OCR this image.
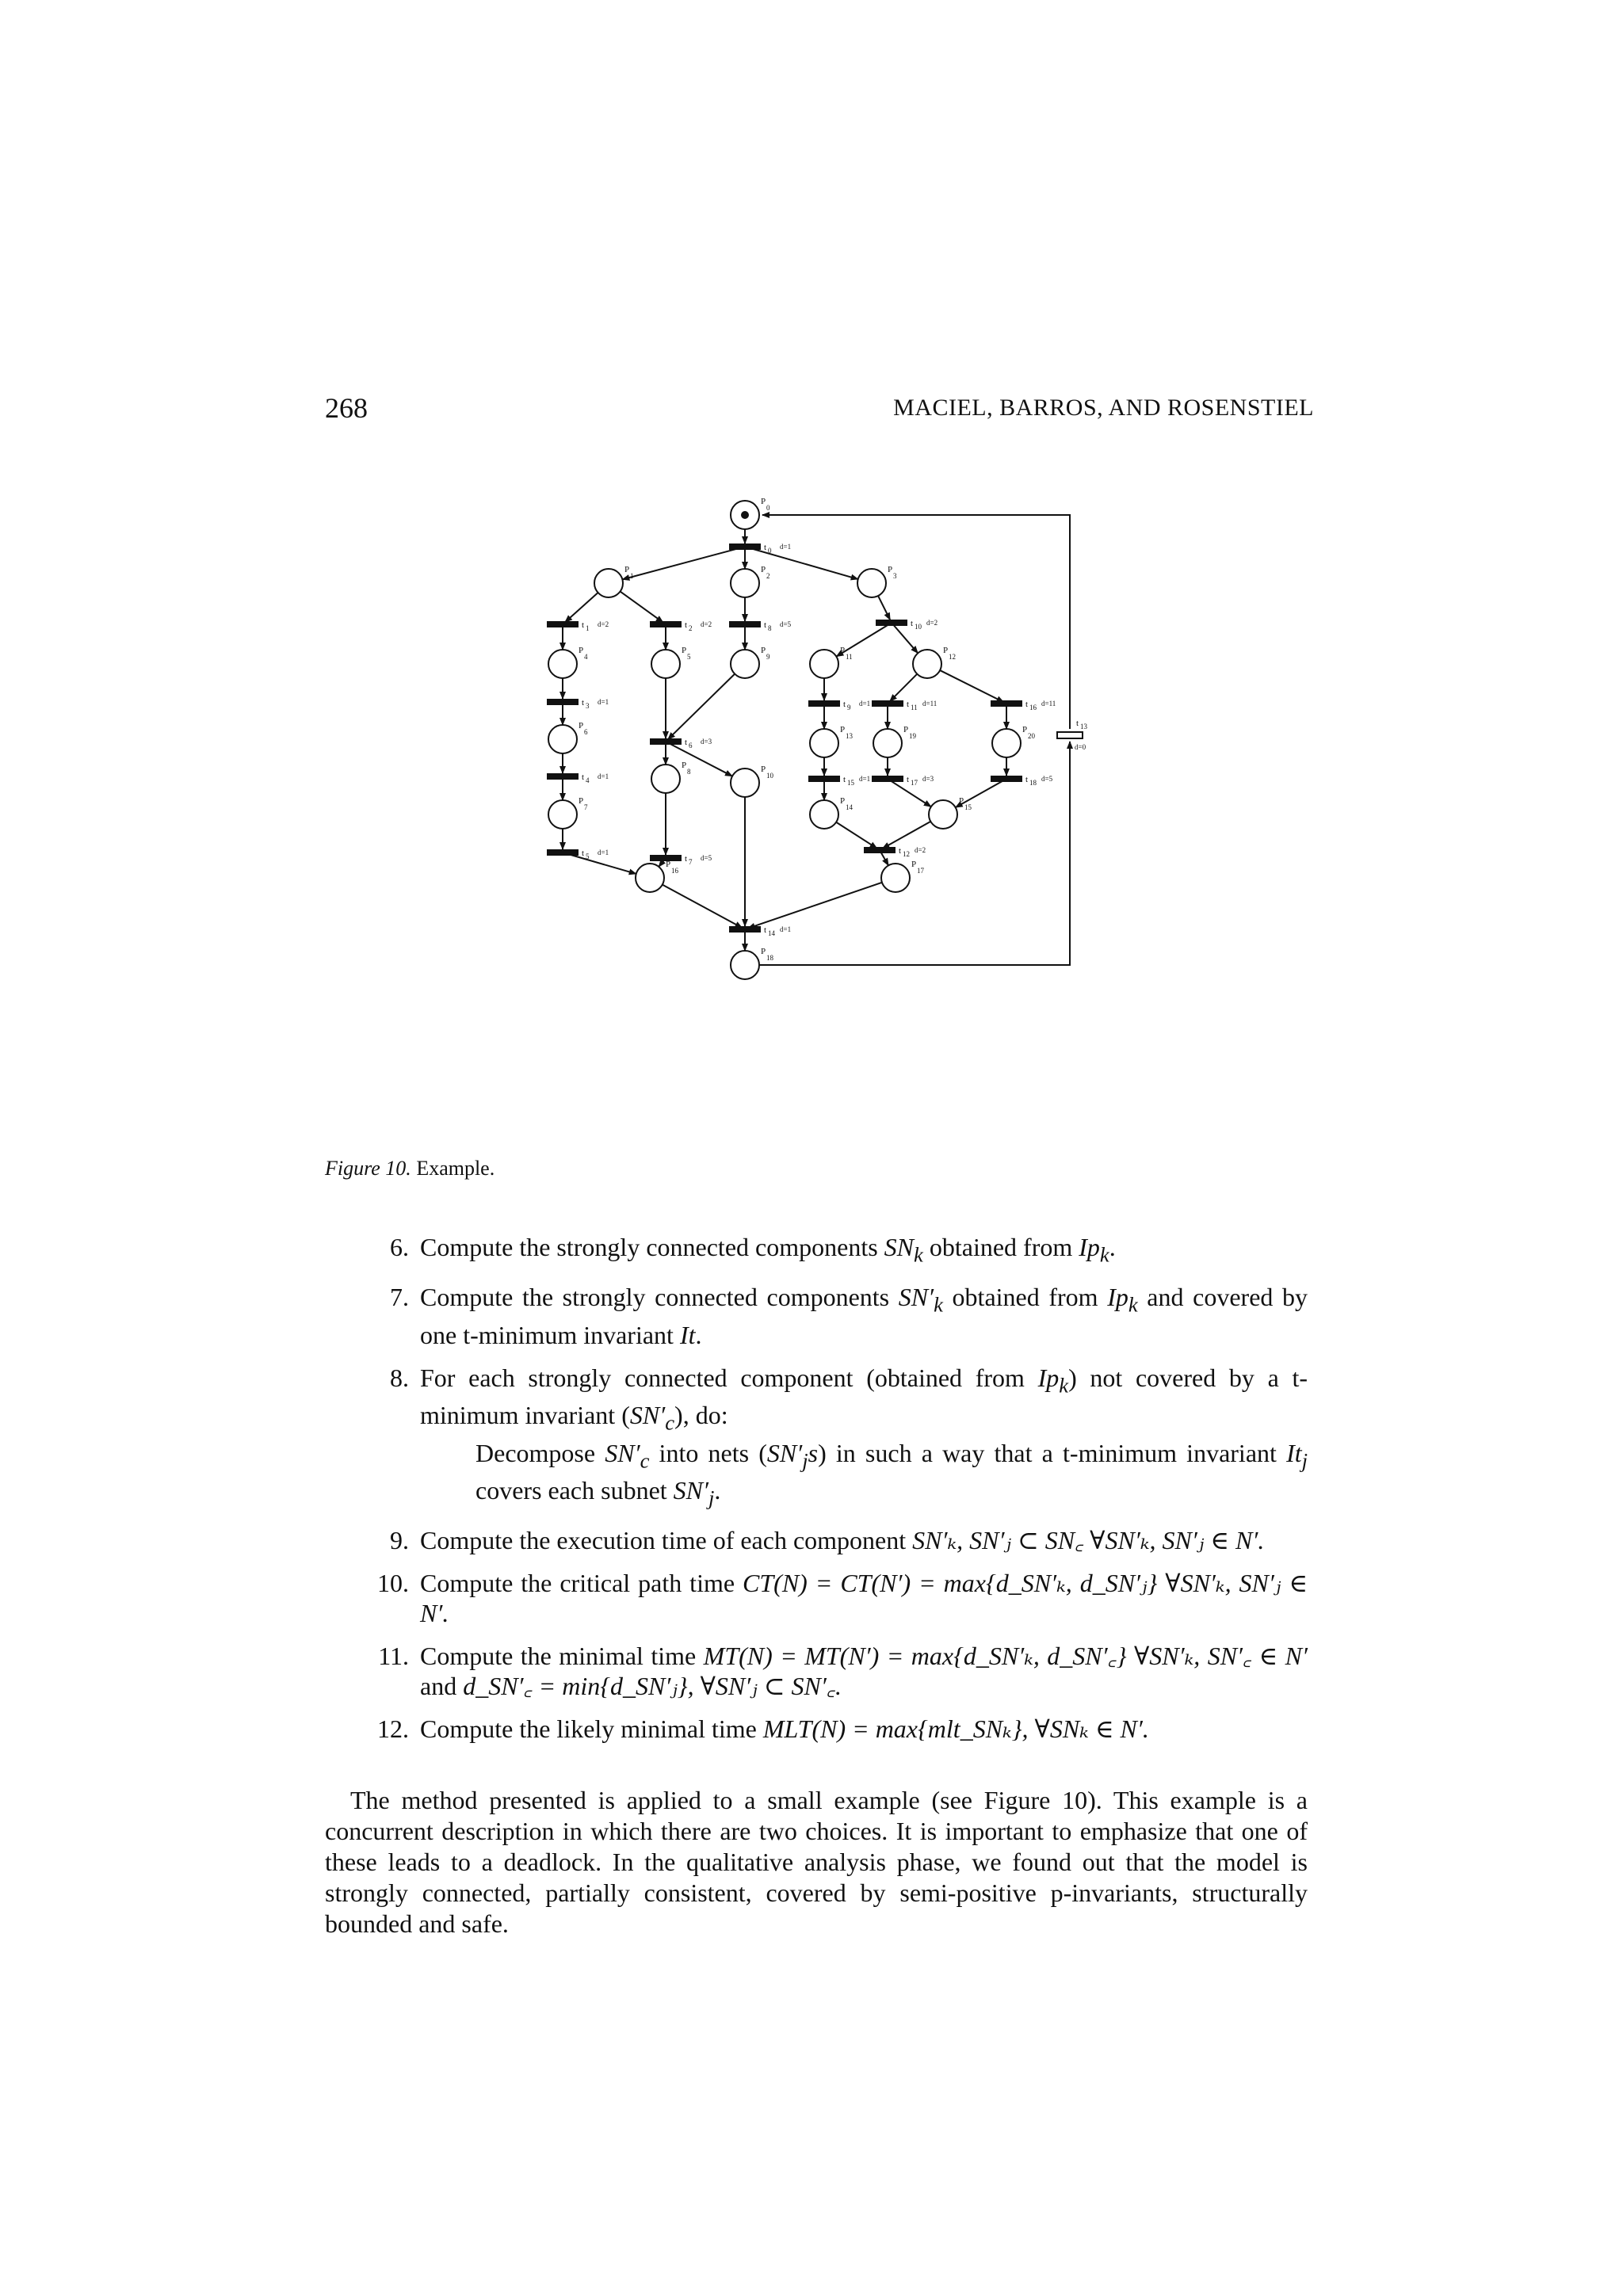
268	MACIEL, BARROS, AND ROSENSTIEL
P
0
P
1
P
2
P
3
P
4
P
5
P
6
P
7
P
8
P
9
P
10
P
11
P
12
P
13
P
14
P
15
P
16
P
17
P
18
P
19
P
20
t 0 d=1
t 1 d=2	t 2 d=2
t 3 d=1
t 4 d=1
t 5 d=1
t 6 d=3
t 7 d=5
t 8 d=5
t 9 d=1
t 10 d=2
t 11 d=11
t 12 d=2
t 14 d=1
t 15 d=1
t 16 d=11
t 17 d=3	t 18 d=5
t 13
d=0
Figure 10. Example.
6. Compute the strongly connected components $SN_k$ obtained from $Ip_k$.
7. Compute the strongly connected components $SN'_k$ obtained from $Ip_k$ and covered by one t-minimum invariant It.
8. For each strongly connected component (obtained from $Ip_k$) not covered by a t-minimum invariant $(SN'_c)$, do:
Decompose $SN'_c$ into nets $(SN'_js)$ in such a way that a t-minimum invariant $It_j$ covers each subnet $SN'_j$.
9. Compute the execution time of each component SN′ₖ, SN′ⱼ ⊂ SN꜀ ∀SN′ₖ, SN′ⱼ ∈ N′.
10. Compute the critical path time CT(N) = CT(N′) = max{d_SN′ₖ, d_SN′ⱼ} ∀SN′ₖ, SN′ⱼ ∈ N′.
11. Compute the minimal time MT(N) = MT(N′) = max{d_SN′ₖ, d_SN′꜀} ∀SN′ₖ, SN′꜀ ∈ N′ and d_SN′꜀ = min{d_SN′ⱼ}, ∀SN′ⱼ ⊂ SN′꜀.
12. Compute the likely minimal time MLT(N) = max{mlt_SNₖ}, ∀SNₖ ∈ N′.
The method presented is applied to a small example (see Figure 10). This example is a concurrent description in which there are two choices. It is important to emphasize that one of these leads to a deadlock. In the qualitative analysis phase, we found out that the model is strongly connected, partially consistent, covered by semi-positive p-invariants, structurally bounded and safe.
